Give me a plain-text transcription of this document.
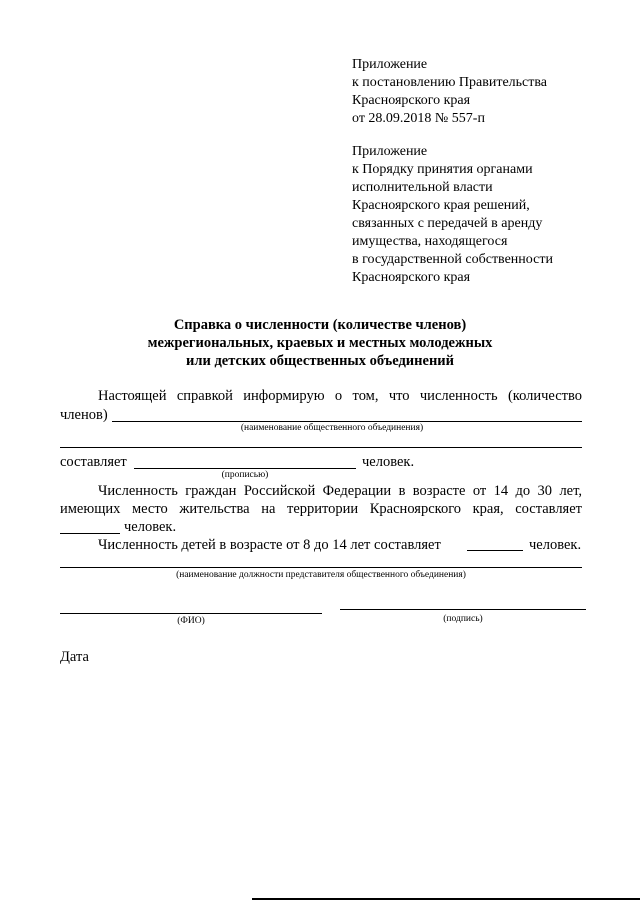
Приложение
к постановлению Правительства
Красноярского края
от 28.09.2018 № 557-п
Приложение
к Порядку принятия органами
исполнительной власти
Красноярского края решений,
связанных с передачей в аренду
имущества, находящегося
в государственной собственности
Красноярского края
Справка о численности (количестве членов)
межрегиональных, краевых и местных молодежных
или детских общественных объединений
Настоящей справкой информирую о том, что численность (количество
членов)
(наименование общественного объединения)
составляет	человек.
(прописью)
Численность граждан Российской Федерации в возрасте от 14 до 30 лет,
имеющих место жительства на территории Красноярского края, составляет
человек.
Численность детей в возрасте от 8 до 14 лет составляет	человек.
(наименование должности представителя общественного объединения)
(ФИО)	(подпись)
Дата
